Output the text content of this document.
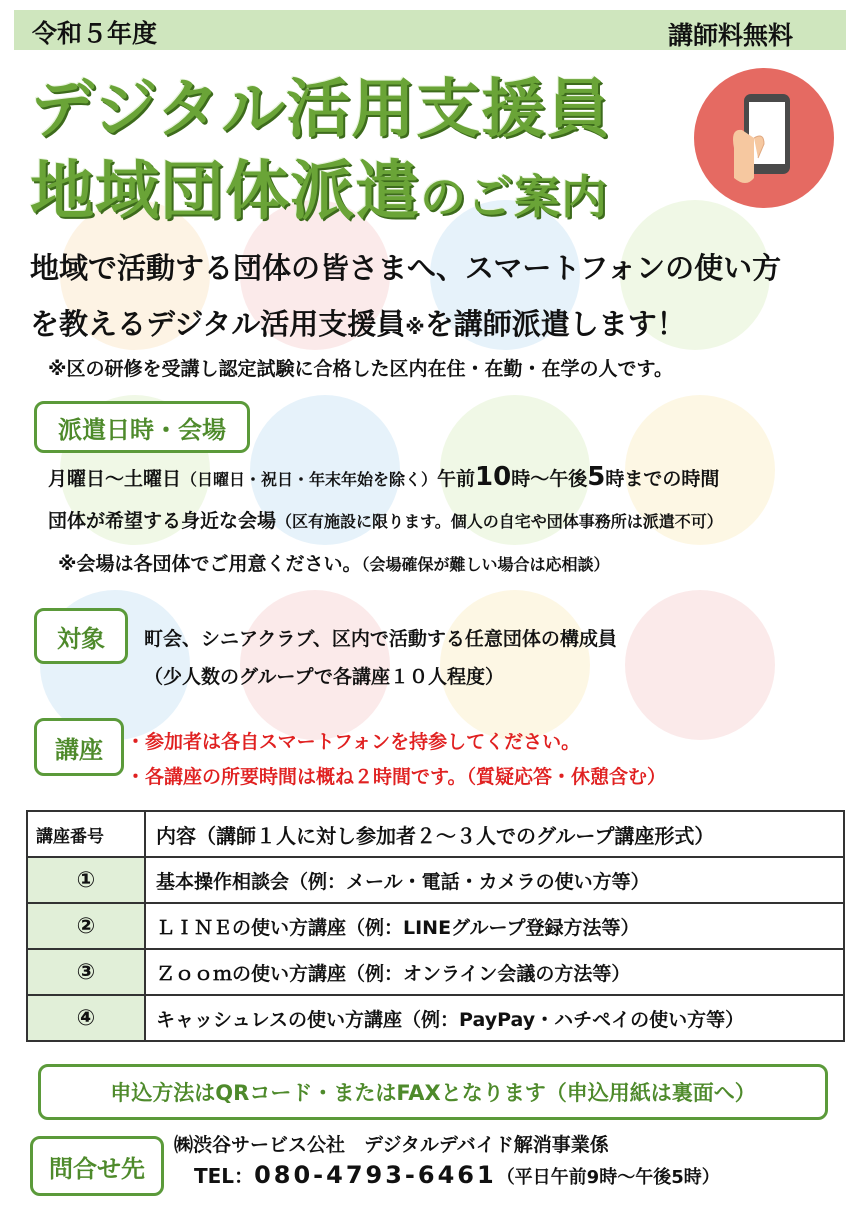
令和５年度	講師料無料
デジタル活用支援員
地域団体派遣のご案内
地域で活動する団体の皆さまへ、スマートフォンの使い方
を教えるデジタル活用支援員※を講師派遣します！
※区の研修を受講し認定試験に合格した区内在住・在勤・在学の人です。
派遣日時・会場
月曜日～土曜日（日曜日・祝日・年末年始を除く）午前10時～午後5時までの時間
団体が希望する身近な会場（区有施設に限ります。個人の自宅や団体事務所は派遣不可）
※会場は各団体でご用意ください。（会場確保が難しい場合は応相談）
対象	町会、シニアクラブ、区内で活動する任意団体の構成員
（少人数のグループで各講座１０人程度）
講座	・参加者は各自スマートフォンを持参してください。
・各講座の所要時間は概ね２時間です。（質疑応答・休憩含む）
講座番号	内容（講師１人に対し参加者２～３人でのグループ講座形式）
①	基本操作相談会（例：メール・電話・カメラの使い方等）
②	ＬＩＮＥの使い方講座（例：LINEグループ登録方法等）
③	Ｚｏｏｍの使い方講座（例：オンライン会議の方法等）
④	キャッシュレスの使い方講座（例：PayPay・ハチペイの使い方等）
申込方法はQRコード・またはFAXとなります（申込用紙は裏面へ）
問合せ先
㈱渋谷サービス公社　デジタルデバイド解消事業係
TEL：080-4793-6461（平日午前9時～午後5時）
